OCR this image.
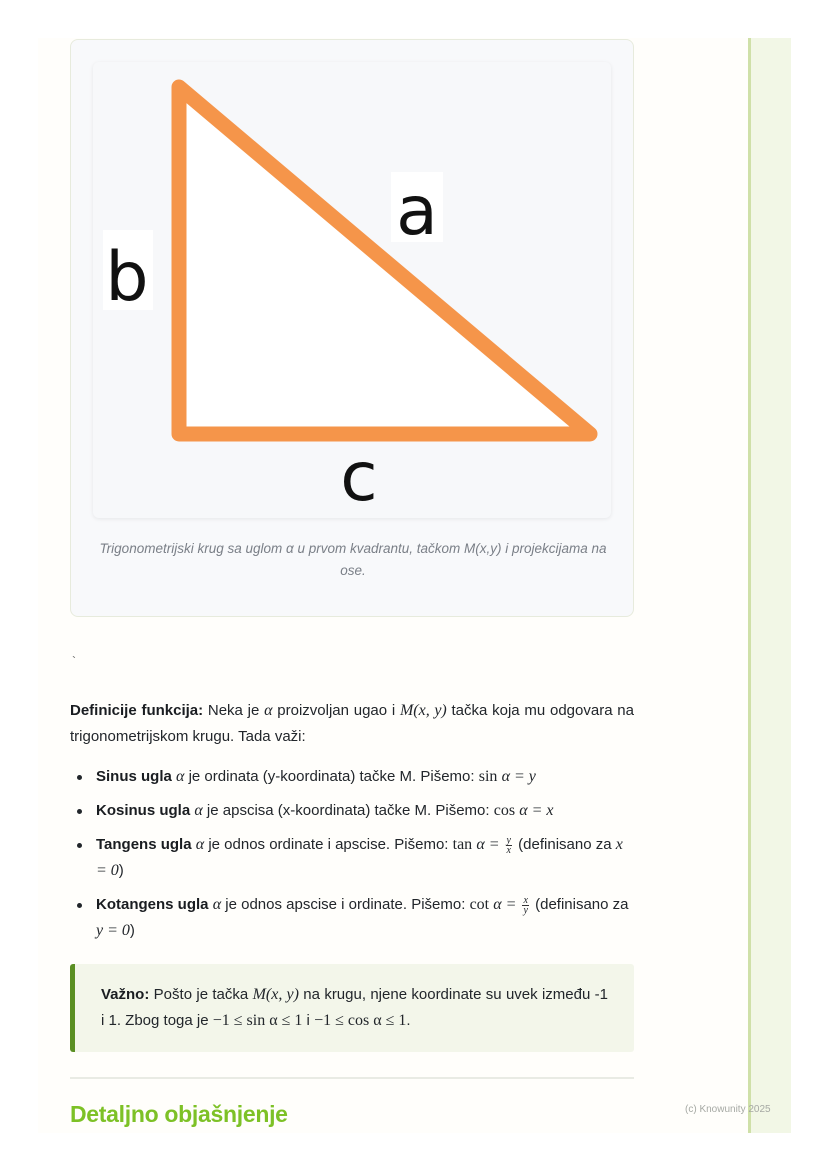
b
a
c
Trigonometrijski krug sa uglom α u prvom kvadrantu, tačkom M(x,y) i projekcijama na ose.
`

Definicije funkcija: Neka je α proizvoljan ugao i M(x, y) tačka koja mu odgovara na trigonometrijskom krugu. Tada važi:

Sinus ugla α je ordinata (y-koordinata) tačke M. Pišemo: sin α = y
Kosinus ugla α je apscisa (x-koordinata) tačke M. Pišemo: cos α = x
Tangens ugla α je odnos ordinate i apscise. Pišemo: $\tan \alpha = \frac{y}{x}$ (definisano za x = 0)
Kotangens ugla α je odnos apscise i ordinate. Pišemo: $\cot \alpha = \frac{x}{y}$ (definisano za y = 0)
Važno: Pošto je tačka M(x, y) na krugu, njene koordinate su uvek između -1 i 1. Zbog toga je −1 ≤ sin α ≤ 1 i −1 ≤ cos α ≤ 1.
Detaljno objašnjenje	(c) Knowunity 2025
